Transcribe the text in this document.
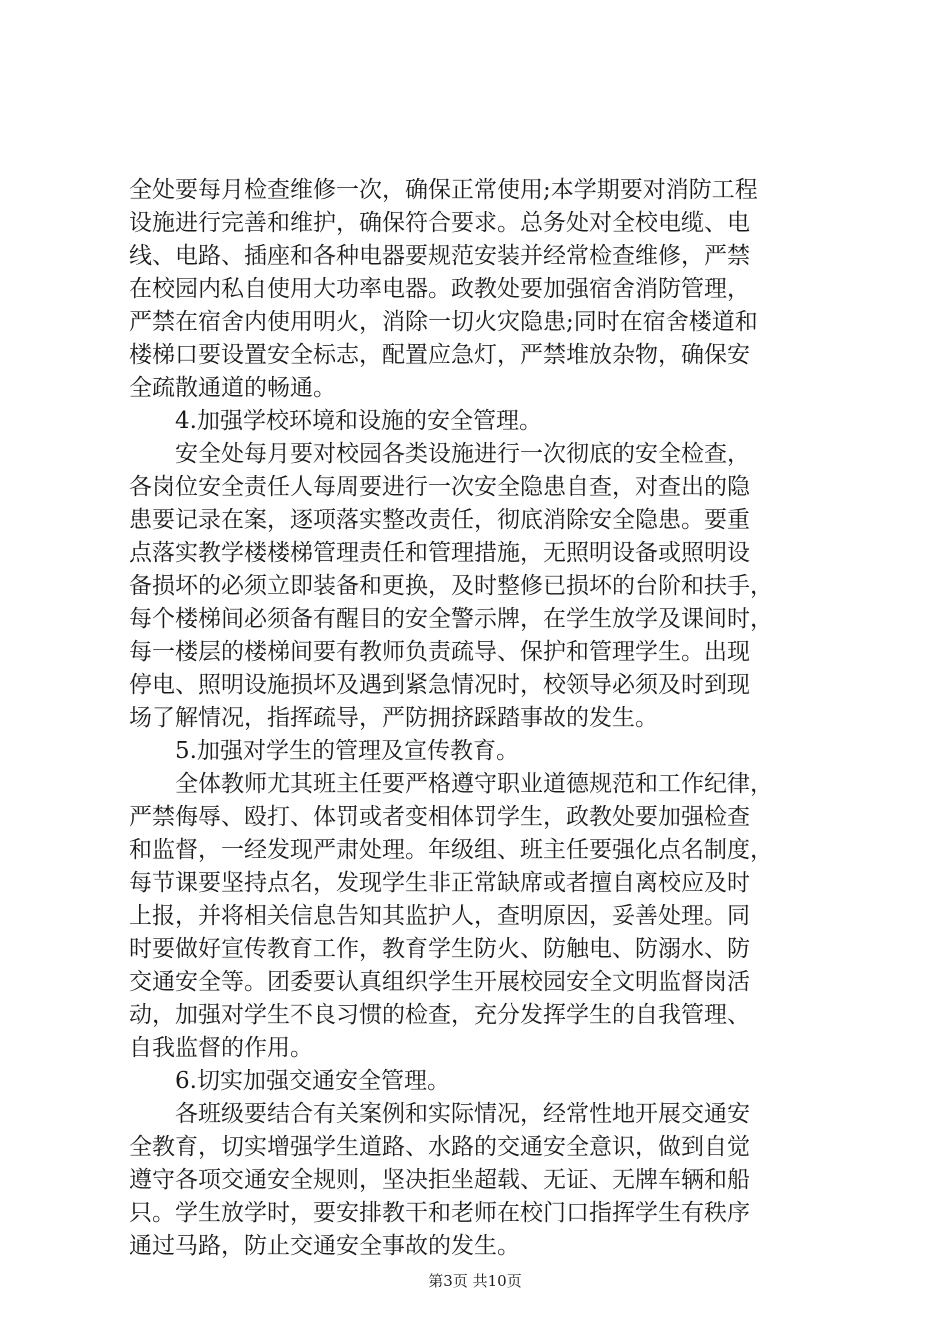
全处要每月检查维修一次，确保正常使用;本学期要对消防工程
设施进行完善和维护，确保符合要求。总务处对全校电缆、电
线、电路、插座和各种电器要规范安装并经常检查维修，严禁
在校园内私自使用大功率电器。政教处要加强宿舍消防管理，
严禁在宿舍内使用明火，消除一切火灾隐患;同时在宿舍楼道和
楼梯口要设置安全标志，配置应急灯，严禁堆放杂物，确保安
全疏散通道的畅通。
4.加强学校环境和设施的安全管理。
安全处每月要对校园各类设施进行一次彻底的安全检查，
各岗位安全责任人每周要进行一次安全隐患自查，对查出的隐
患要记录在案，逐项落实整改责任，彻底消除安全隐患。要重
点落实教学楼楼梯管理责任和管理措施，无照明设备或照明设
备损坏的必须立即装备和更换，及时整修已损坏的台阶和扶手，
每个楼梯间必须备有醒目的安全警示牌，在学生放学及课间时，
每一楼层的楼梯间要有教师负责疏导、保护和管理学生。出现
停电、照明设施损坏及遇到紧急情况时，校领导必须及时到现
场了解情况，指挥疏导，严防拥挤踩踏事故的发生。
5.加强对学生的管理及宣传教育。
全体教师尤其班主任要严格遵守职业道德规范和工作纪律，
严禁侮辱、殴打、体罚或者变相体罚学生，政教处要加强检查
和监督，一经发现严肃处理。年级组、班主任要强化点名制度，
每节课要坚持点名，发现学生非正常缺席或者擅自离校应及时
上报，并将相关信息告知其监护人，查明原因，妥善处理。同
时要做好宣传教育工作，教育学生防火、防触电、防溺水、防
交通安全等。团委要认真组织学生开展校园安全文明监督岗活
动，加强对学生不良习惯的检查，充分发挥学生的自我管理、
自我监督的作用。
6.切实加强交通安全管理。
各班级要结合有关案例和实际情况，经常性地开展交通安
全教育，切实增强学生道路、水路的交通安全意识，做到自觉
遵守各项交通安全规则，坚决拒坐超载、无证、无牌车辆和船
只。学生放学时，要安排教干和老师在校门口指挥学生有秩序
通过马路，防止交通安全事故的发生。
第3页 共10页
